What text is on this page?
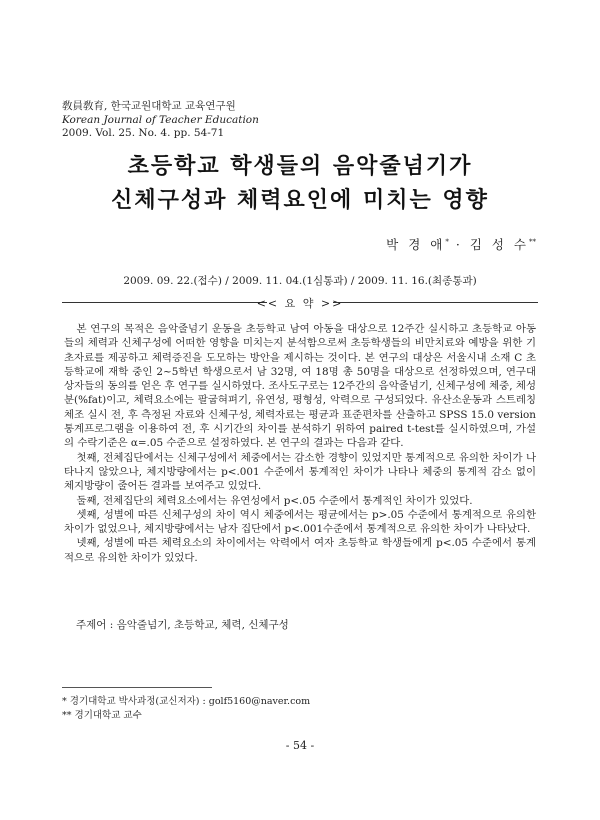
敎員敎育, 한국교원대학교 교육연구원
Korean Journal of Teacher Education
2009. Vol. 25. No. 4. pp. 54-71
초등학교 학생들의 음악줄넘기가
신체구성과 체력요인에 미치는 영향
박 경 애* · 김 성 수**
2009. 09. 22.(접수) / 2009. 11. 04.(1심통과) / 2009. 11. 16.(최종통과)
<< 요 약 >>

본 연구의 목적은 음악줄넘기 운동을 초등학교 남여 아동을 대상으로 12주간 실시하고 초등학교 아동들의 체력과 신체구성에 어떠한 영향을 미치는지 분석함으로써 초등학생들의 비만치료와 예방을 위한 기초자료를 제공하고 체력증진을 도모하는 방안을 제시하는 것이다. 본 연구의 대상은 서울시내 소재 C 초등학교에 재학 중인 2~5학년 학생으로서 남 32명, 여 18명 총 50명을 대상으로 선정하였으며, 연구대상자들의 동의를 얻은 후 연구를 실시하였다. 조사도구로는 12주간의 음악줄넘기, 신체구성에 체중, 체성분(%fat)이고, 체력요소에는 팔굽혀펴기, 유연성, 평형성, 악력으로 구성되었다. 유산소운동과 스트레칭 체조 실시 전, 후 측정된 자료와 신체구성, 체력자료는 평균과 표준편차를 산출하고 SPSS 15.0 version 통계프로그램을 이용하여 전, 후 시기간의 차이를 분석하기 위하여 paired t-test를 실시하였으며, 가설의 수락기준은 α=.05 수준으로 설정하였다. 본 연구의 결과는 다음과 같다.

첫째, 전체집단에서는 신체구성에서 체중에서는 감소한 경향이 있었지만 통계적으로 유의한 차이가 나타나지 않았으나, 체지방량에서는 p<.001 수준에서 통계적인 차이가 나타나 체중의 통계적 감소 없이 체지방량이 줄어든 결과를 보여주고 있었다.

둘째, 전체집단의 체력요소에서는 유연성에서 p<.05 수준에서 통계적인 차이가 있었다.

셋째, 성별에 따른 신체구성의 차이 역시 체중에서는 평균에서는 p>.05 수준에서 통계적으로 유의한 차이가 없었으나, 체지방량에서는 남자 집단에서 p<.001수준에서 통계적으로 유의한 차이가 나타났다.

넷째, 성별에 따른 체력요소의 차이에서는 악력에서 여자 초등학교 학생들에게 p<.05 수준에서 통계적으로 유의한 차이가 있었다.

주제어 : 음악줄넘기, 초등학교, 체력, 신체구성
* 경기대학교 박사과정(교신저자) : golf5160@naver.com
** 경기대학교 교수
- 54 -
